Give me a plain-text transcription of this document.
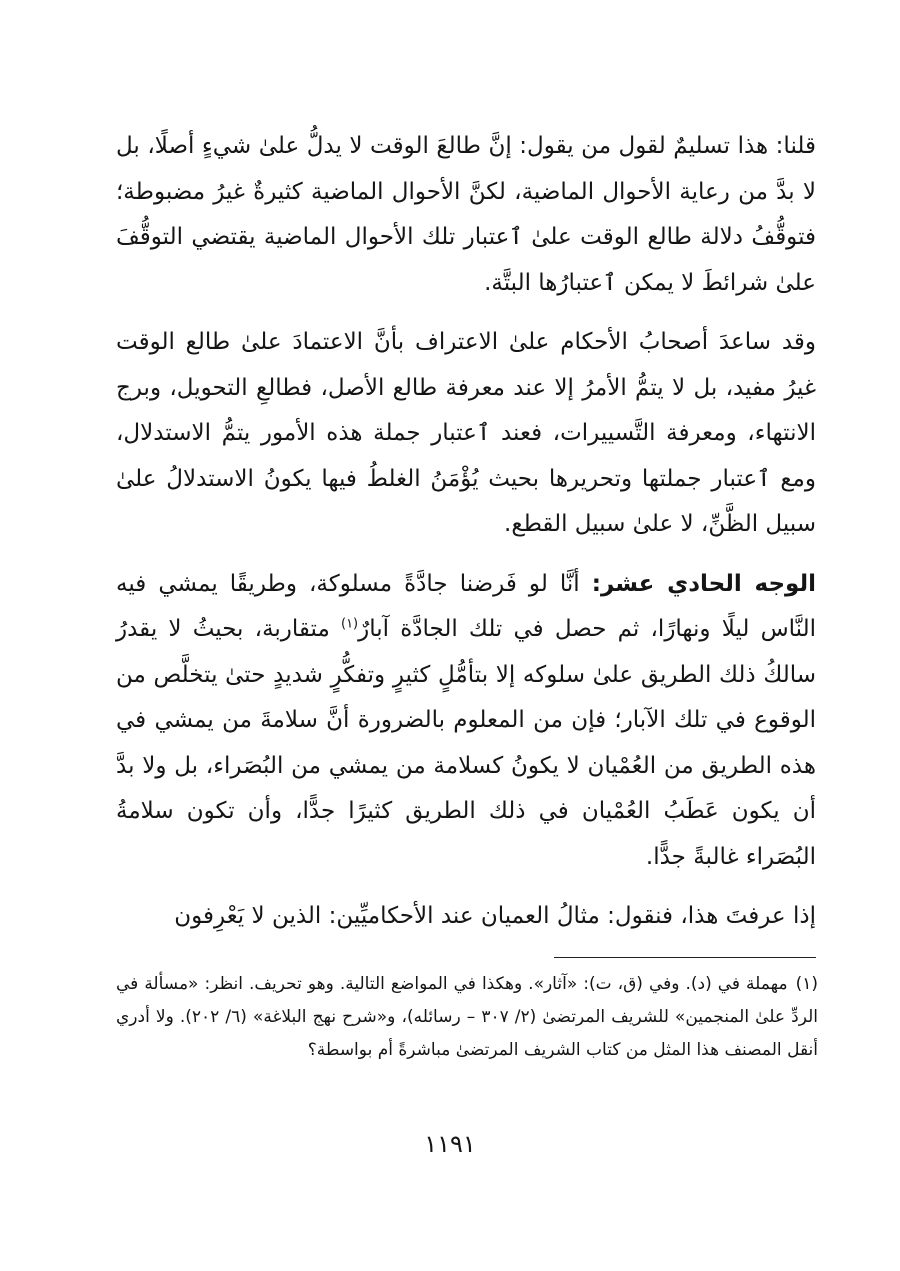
قلنا: هذا تسليمٌ لقول من يقول: إنَّ طالعَ الوقت لا يدلُّ علىٰ شيءٍ أصلًا، بل لا بدَّ من رعاية الأحوال الماضية، لكنَّ الأحوال الماضية كثيرةٌ غيرُ مضبوطة؛ فتوقُّفُ دلالة طالع الوقت علىٰ ٱعتبار تلك الأحوال الماضية يقتضي التوقُّفَ علىٰ شرائطَ لا يمكن ٱعتبارُها البتَّة.

وقد ساعدَ أصحابُ الأحكام علىٰ الاعتراف بأنَّ الاعتمادَ علىٰ طالع الوقت غيرُ مفيد، بل لا يتمُّ الأمرُ إلا عند معرفة طالع الأصل، فطالعِ التحويل، وبرج الانتهاء، ومعرفة التَّسييرات، فعند ٱعتبار جملة هذه الأمور يتمُّ الاستدلال، ومع ٱعتبار جملتها وتحريرها بحيث يُؤْمَنُ الغلطُ فيها يكونُ الاستدلالُ علىٰ سبيل الظَّنِّ، لا علىٰ سبيل القطع.

الوجه الحادي عشر: أنَّا لو فَرضنا جادَّةً مسلوكة، وطريقًا يمشي فيه النَّاس ليلًا ونهارًا، ثم حصل في تلك الجادَّة آبارٌ$^{(١)}$ متقاربة، بحيثُ لا يقدرُ سالكُ ذلك الطريق علىٰ سلوكه إلا بتأمُّلٍ كثيرٍ وتفكُّرٍ شديدٍ حتىٰ يتخلَّص من الوقوع في تلك الآبار؛ فإن من المعلوم بالضرورة أنَّ سلامةَ من يمشي في هذه الطريق من العُمْيان لا يكونُ كسلامة من يمشي من البُصَراء، بل ولا بدَّ أن يكون عَطَبُ العُمْيان في ذلك الطريق كثيرًا جدًّا، وأن تكون سلامةُ البُصَراء غالبةً جدًّا.

إذا عرفتَ هذا، فنقول: مثالُ العميان عند الأحكاميِّين: الذين لا يَعْرِفون

(١)مهملة في (د). وفي (ق، ت): «آثار». وهكذا في المواضع التالية. وهو تحريف. انظر: «مسألة في الردِّ علىٰ المنجمين» للشريف المرتضىٰ (٢/ ٣٠٧ – رسائله)، و«شرح نهج البلاغة» (٦/ ٢٠٢). ولا أدري أنقل المصنف هذا المثل من كتاب الشريف المرتضىٰ مباشرةً أم بواسطة؟
١١٩١
